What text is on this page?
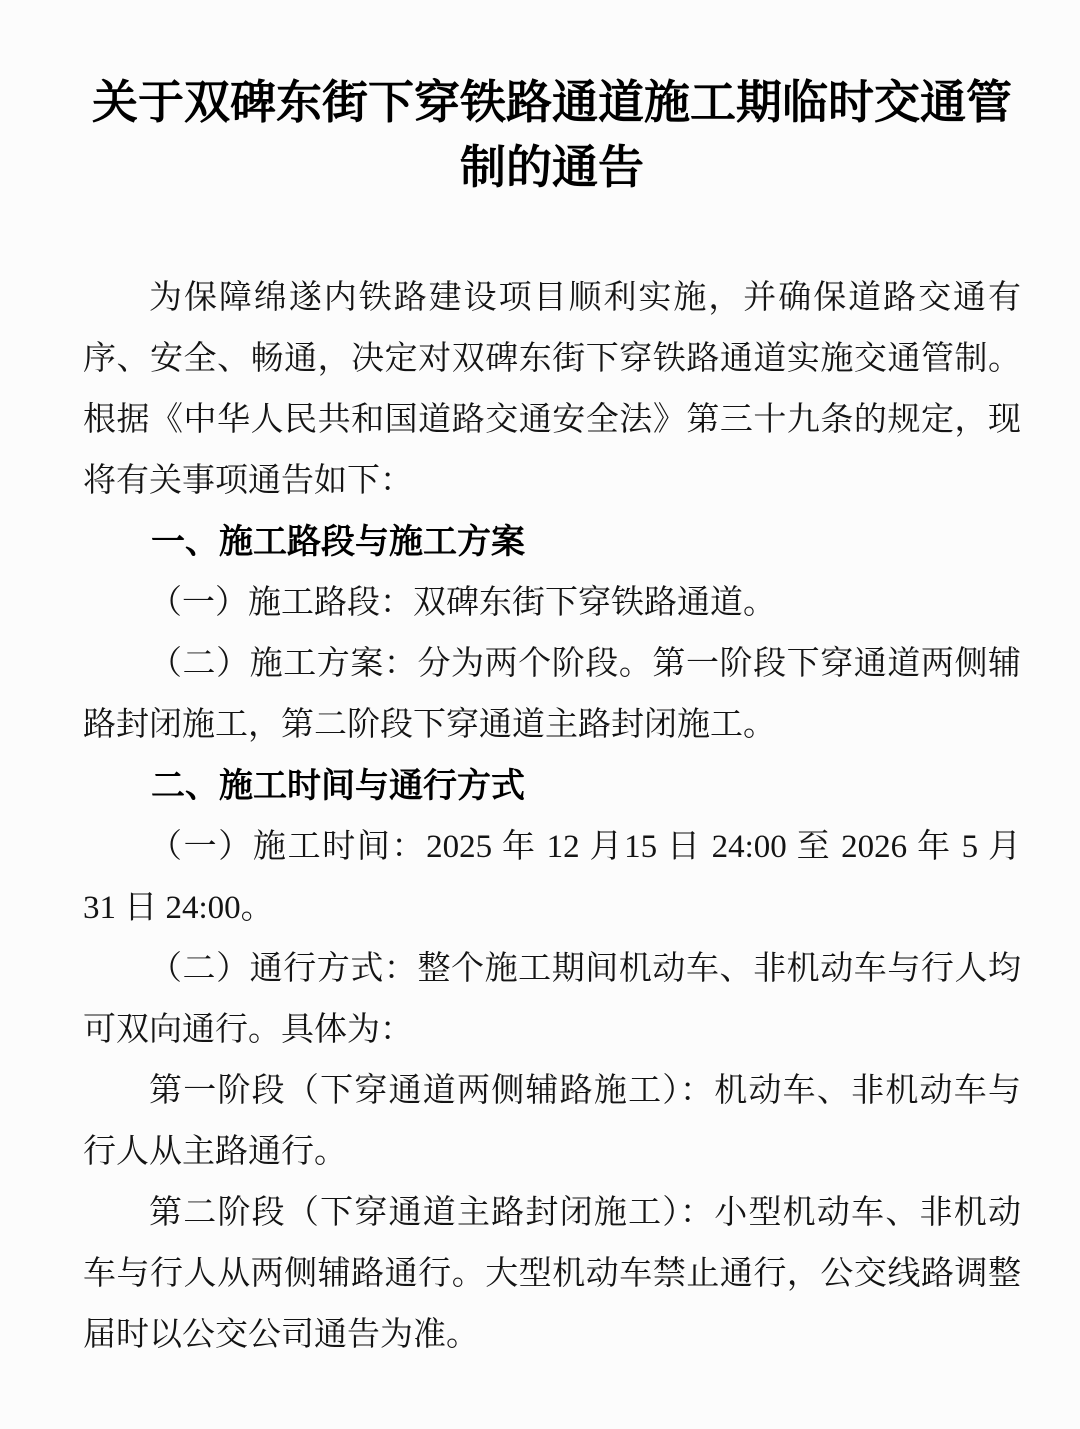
关于双碑东街下穿铁路通道施工期临时交通管制的通告

为保障绵遂内铁路建设项目顺利实施，并确保道路交通有序、安全、畅通，决定对双碑东街下穿铁路通道实施交通管制。根据《中华人民共和国道路交通安全法》第三十九条的规定，现将有关事项通告如下：

一、施工路段与施工方案

（一）施工路段：双碑东街下穿铁路通道。

（二）施工方案：分为两个阶段。第一阶段下穿通道两侧辅路封闭施工，第二阶段下穿通道主路封闭施工。

二、施工时间与通行方式

（一）施工时间：2025 年 12 月15 日 24:00 至 2026 年 5 月 31 日 24:00。

（二）通行方式：整个施工期间机动车、非机动车与行人均可双向通行。具体为：

第一阶段（下穿通道两侧辅路施工）：机动车、非机动车与行人从主路通行。

第二阶段（下穿通道主路封闭施工）：小型机动车、非机动车与行人从两侧辅路通行。大型机动车禁止通行，公交线路调整届时以公交公司通告为准。
